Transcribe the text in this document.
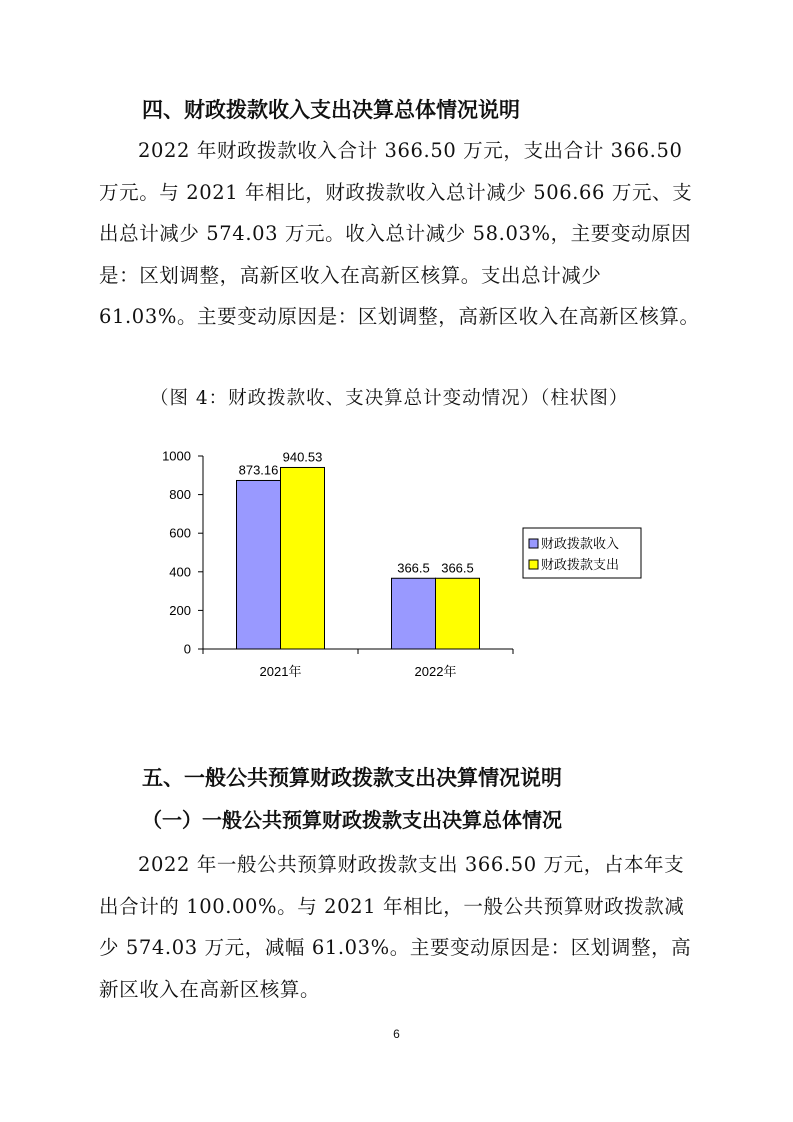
四、财政拨款收入支出决算总体情况说明

2022 年财政拨款收入合计 366.50 万元，支出合计 366.50 万元。与 2021 年相比，财政拨款收入总计减少 506.66 万元、支出总计减少 574.03 万元。收入总计减少 58.03%，主要变动原因是：区划调整，高新区收入在高新区核算。支出总计减少 61.03%。主要变动原因是：区划调整，高新区收入在高新区核算。

（图 4：财政拨款收、支决算总计变动情况）（柱状图）

0
200
400
600
800
1000
873.16
940.53
366.5 366.5
2021年	2022年
财政拨款收入
财政拨款支出
五、一般公共预算财政拨款支出决算情况说明
（一）一般公共预算财政拨款支出决算总体情况

2022 年一般公共预算财政拨款支出 366.50 万元，占本年支出合计的 100.00%。与 2021 年相比，一般公共预算财政拨款减少 574.03 万元，减幅 61.03%。主要变动原因是：区划调整，高新区收入在高新区核算。

6
